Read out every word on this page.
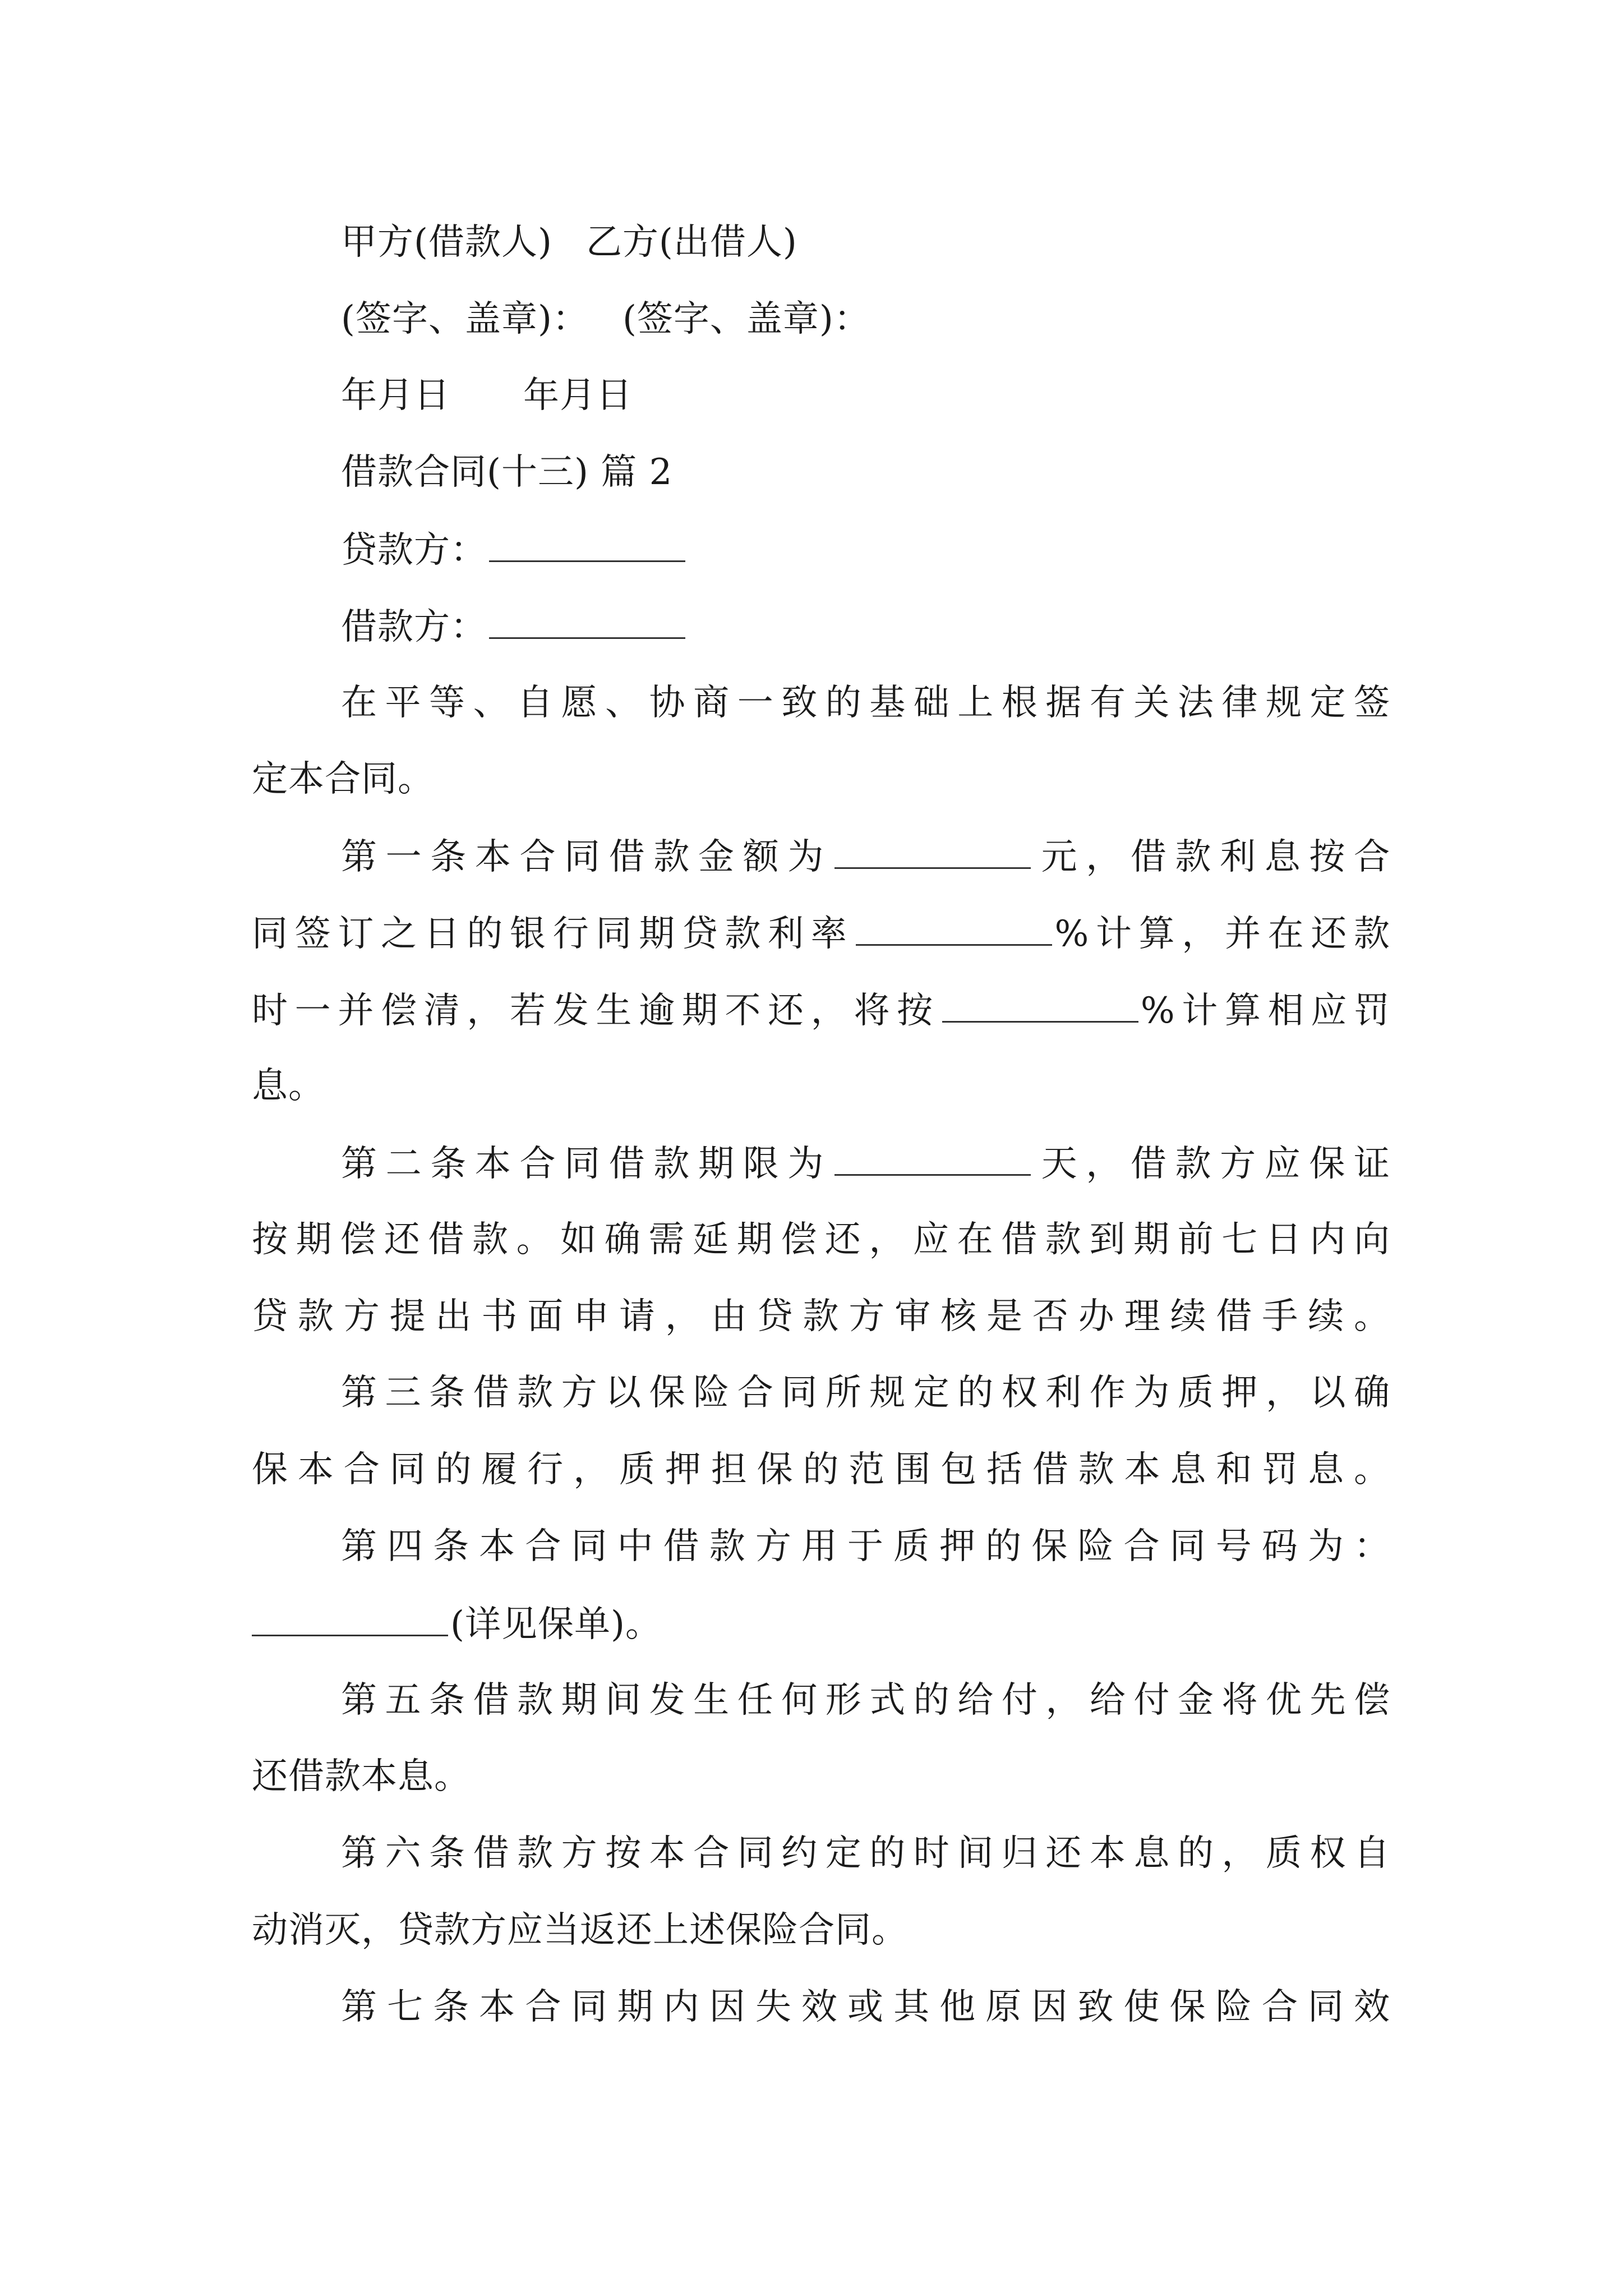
甲方(借款人) 乙方(出借人)
(签字、盖章)： (签字、盖章)：
年月日 年月日
借款合同(十三) 篇 2
贷款方：
借款方：
在平等、自愿、协商一致的基础上根据有关法律规定签
定本合同。
第一条本合同借款金额为	元，借款利息按合
同签订之日的银行同期贷款利率	%计算，并在还款
时一并偿清，若发生逾期不还，将按	%计算相应罚
息。
第二条本合同借款期限为	天，借款方应保证
按期偿还借款。如确需延期偿还，应在借款到期前七日内向
贷款方提出书面申请，由贷款方审核是否办理续借手续。
第三条借款方以保险合同所规定的权利作为质押，以确
保本合同的履行，质押担保的范围包括借款本息和罚息。
第四条本合同中借款方用于质押的保险合同号码为：
(详见保单)。
第五条借款期间发生任何形式的给付，给付金将优先偿
还借款本息。
第六条借款方按本合同约定的时间归还本息的，质权自
动消灭，贷款方应当返还上述保险合同。
第七条本合同期内因失效或其他原因致使保险合同效
